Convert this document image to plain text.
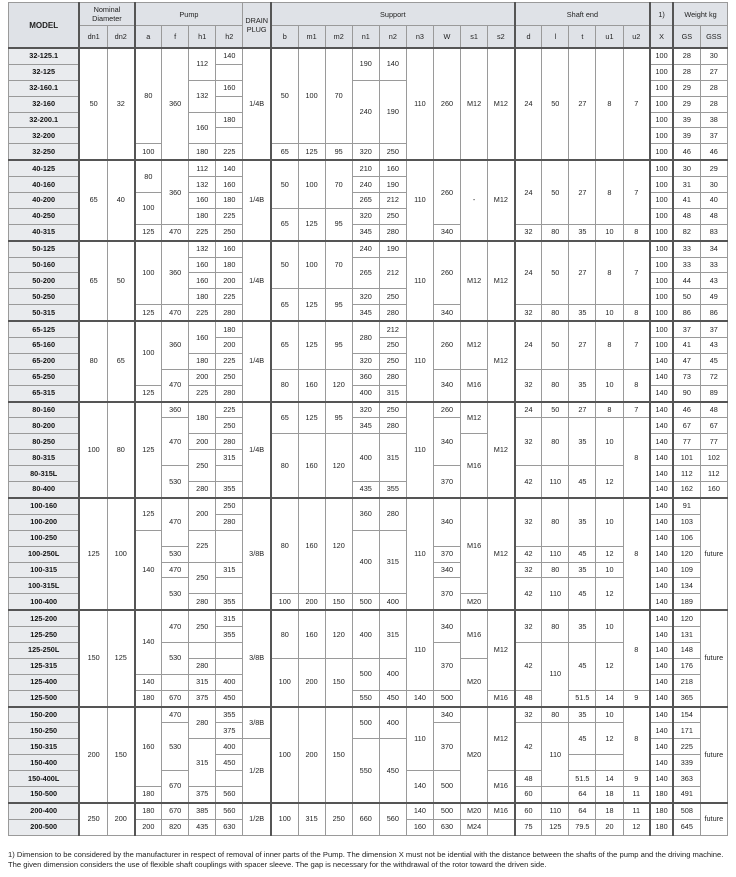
MODEL	Nominal Diameter		Pump				DRAIN PLUG	Support									Shaft end					1)	Weight kg	
	dn1	dn2	a	f	h1	h2		b	m1	m2	n1	n2	n3	W	s1	s2	d	l	t	u1	u2	X	GS	GSS
32-125.1	50	32	80	360	112	140	1/4B	50	100	70	190	140	110	260	M12	M12	24	50	27	8	7	100	28	30
32-125																						100	28	27
32-160.1					132	160					240	190										100	29	28
32-160																						100	29	28
32-200.1					160	180																100	39	38
32-200																						100	39	37
32-250			100		180	225		65	125	95	320	250										100	46	46
40-125	65	40	80	360	112	140	1/4B	50	100	70	210	160	110	260	-	M12	24	50	27	8	7	100	30	29
40-160					132	160					240	190										100	31	30
40-200			100		160	180					265	212										100	41	40
40-250					180	225		65	125	95	320	250										100	48	48
40-315			125	470	225	250					345	280		340			32	80	35	10	8	100	82	83
50-125	65	50	100	360	132	160	1/4B	50	100	70	240	190	110	260	M12	M12	24	50	27	8	7	100	33	34
50-160					160	180					265	212										100	33	33
50-200					160	200																100	44	43
50-250					180	225		65	125	95	320	250										100	50	49
50-315			125	470	225	280					345	280		340			32	80	35	10	8	100	86	86
65-125	80	65	100	360	160	180	1/4B	65	125	95	280	212	110	260	M12	M12	24	50	27	8	7	100	37	37
65-160						200						250										100	41	43
65-200					180	225					320	250										140	47	45
65-250				470	200	250		80	160	120	360	280		340	M16		32	80	35	10	8	140	73	72
65-315			125		225	280					400	315										140	90	89
80-160	100	80	125	360	180	225	1/4B	65	125	95	320	250	110	260	M12	M12	24	50	27	8	7	140	46	48
80-200				470		250					345	280		340			32	80	35	10	8	140	67	67
80-250					200	280		80	160	120	400	315			M16							140	77	77
80-315					250	315																140	101	102
80-315L				530										370			42	110	45	12		140	112	112
80-400					280	355					435	355										140	162	160
100-160	125	100	125	470	200	250	3/8B	80	160	120	360	280	110	340	M16	M12	32	80	35	10	8	140	91	future
100-200						280																140	103	
100-250			140		225						400	315										140	106	
100-250L				530										370			42	110	45	12		140	120	
100-315				470	250	315								340			32	80	35	10		140	109	
100-315L				530										370			42	110	45	12		140	134	
100-400					280	355		100	200	150	500	400			M20							140	189	
125-200	150	125	140	470	250	315	3/8B	80	160	120	400	315	110	340	M16	M12	32	80	35	10	8	140	120	future
125-250						355																140	131	
125-250L				530										370			42	110	45	12		140	148	
125-315					280			100	200	150	500	400			M20							140	176	
125-400			140		315	400																140	218	
125-500			180	670	375	450					550	450	140	500		M16	48		51.5	14	9	140	365	
150-200	200	150	160	470	280	355	3/8B	100	200	150	500	400	110	340	M20	M12	32	80	35	10	8	140	154	future
150-250				530		375								370			42	110	45	12		140	171	
150-315					315	400	1/2B				550	450										140	225	
150-400						450																140	339	
150-400L				670									140	500		M16	48		51.5	14	9	140	363	
150-500			180		375	560											60		64	18	11	180	491	
200-400	250	200	180	670	385	560	1/2B	100	315	250	660	560	140	500	M20	M16	60	110	64	18	11	180	508	future
200-500			200	820	435	630							160	630	M24		75	125	79.5	20	12	180	645	
1) Dimension to be considered by the manufacturer in respect of removal of inner parts of the Pump. The dimension X must not be idential with the distance between the shafts of the pump and the driving machine. The given dimension considers the use of flexible shaft couplings with spacer sleeve. The gap is necessary for the withdrawal of the rotor toward the driven side.
